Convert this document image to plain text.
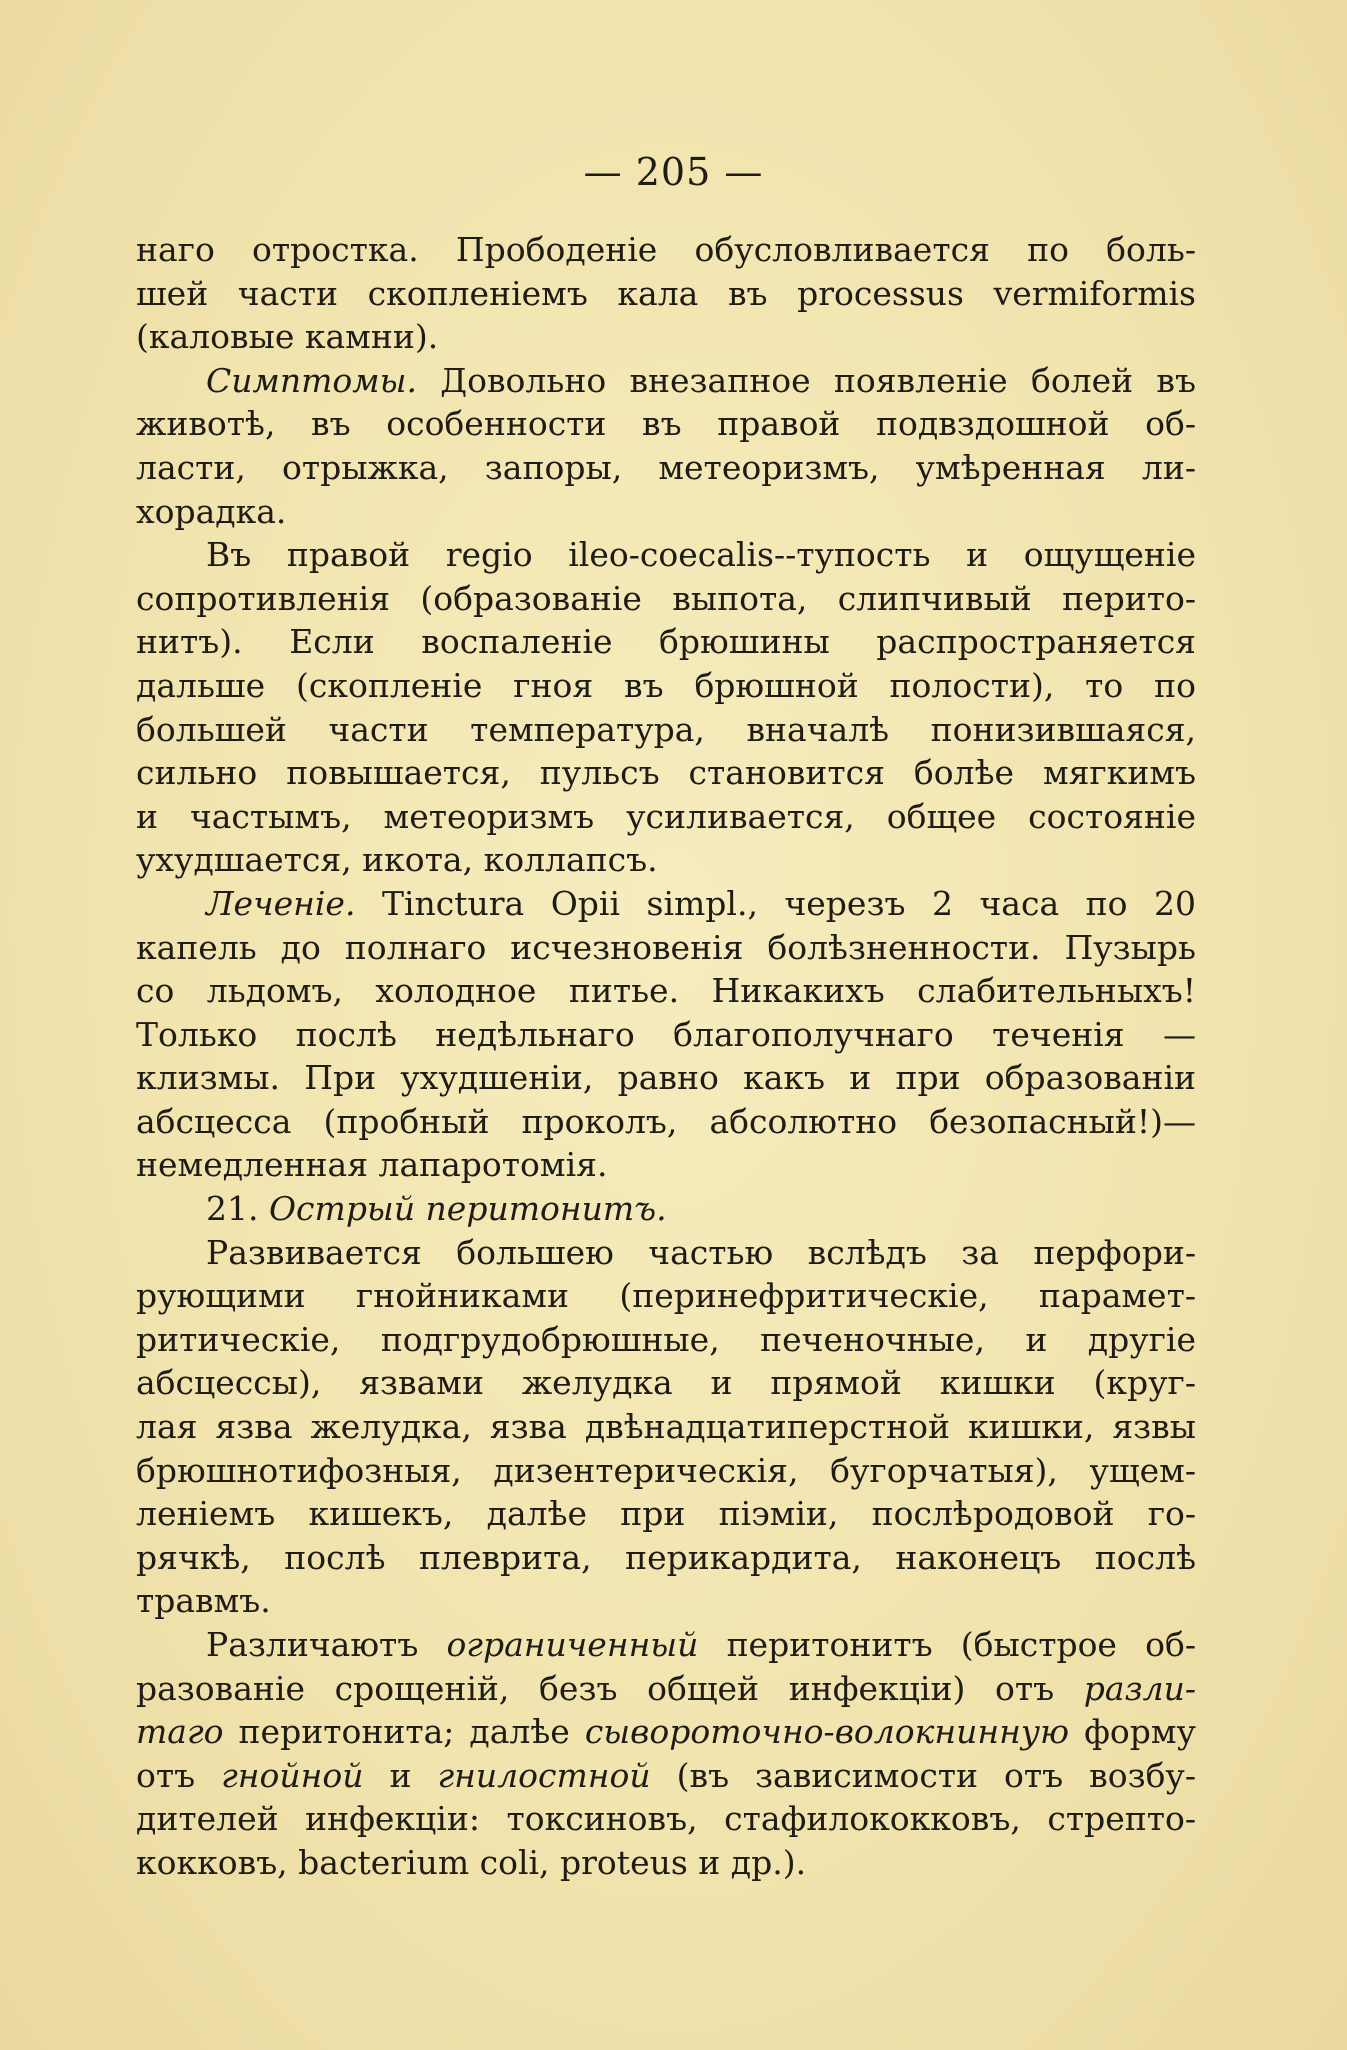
— 205 —
наго отростка. Прободеніе обусловливается по боль-
шей части скопленіемъ кала въ processus vermiformis
(каловые камни).
Симптомы. Довольно внезапное появленіе болей въ
животѣ, въ особенности въ правой подвздошной об-
ласти, отрыжка, запоры, метеоризмъ, умѣренная ли-
хорадка.
Въ правой regio ileo-coecalis--тупость и ощущеніе
сопротивленія (образованіе выпота, слипчивый перито-
нитъ). Если воспаленіе брюшины распространяется
дальше (скопленіе гноя въ брюшной полости), то по
большей части температура, вначалѣ понизившаяся,
сильно повышается, пульсъ становится болѣе мягкимъ
и частымъ, метеоризмъ усиливается, общее состояніе
ухудшается, икота, коллапсъ.
Леченіе. Tinctura Opii simpl., черезъ 2 часа по 20
капель до полнаго исчезновенія болѣзненности. Пузырь
со льдомъ, холодное питье. Никакихъ слабительныхъ!
Только послѣ недѣльнаго благополучнаго теченія —
клизмы. При ухудшеніи, равно какъ и при образованіи
абсцесса (пробный проколъ, абсолютно безопасный!)—
немедленная лапаротомія.
21. Острый перитонитъ.
Развивается большею частью вслѣдъ за перфори-
рующими гнойниками (перинефритическіе, парамет-
ритическіе, подгрудобрюшные, печеночные, и другіе
абсцессы), язвами желудка и прямой кишки (круг-
лая язва желудка, язва двѣнадцатиперстной кишки, язвы
брюшнотифозныя, дизентерическія, бугорчатыя), ущем-
леніемъ кишекъ, далѣе при піэміи, послѣродовой го-
рячкѣ, послѣ плеврита, перикардита, наконецъ послѣ
травмъ.
Различаютъ ограниченный перитонитъ (быстрое об-
разованіе срощеній, безъ общей инфекціи) отъ разли-
таго перитонита; далѣе сывороточно-волокнинную форму
отъ гнойной и гнилостной (въ зависимости отъ возбу-
дителей инфекціи: токсиновъ, стафилококковъ, стрепто-
кокковъ, bacterium coli, proteus и др.).
